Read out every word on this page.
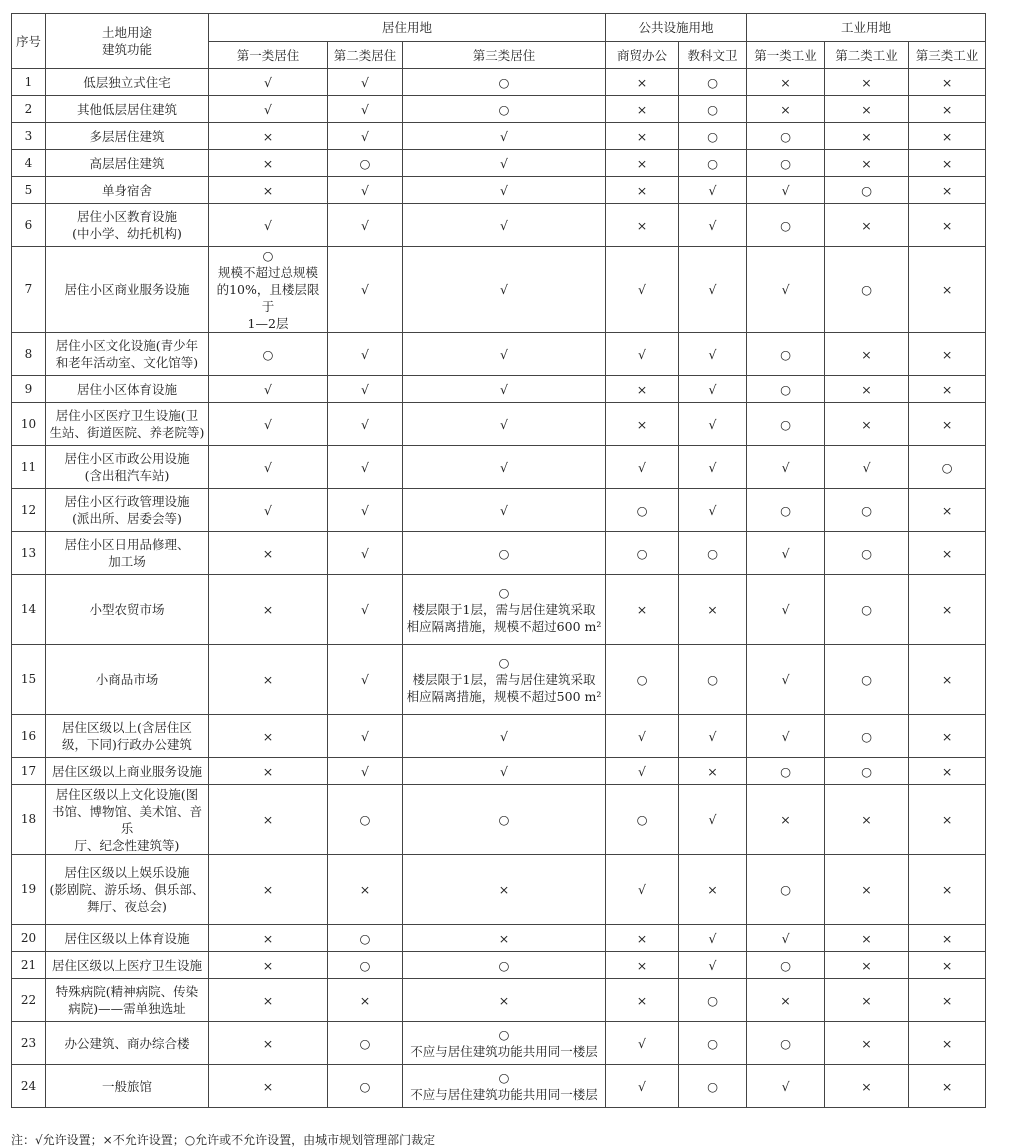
序号	土地用途
建筑功能	居住用地			公共设施用地		工业用地		
		第一类居住	第二类居住	第三类居住	商贸办公	教科文卫	第一类工业	第二类工业	第三类工业
1	低层独立式住宅	√	√	○	×	○	×	×	×

2	其他低层居住建筑	√	√	○	×	○	×	×	×

3	多层居住建筑	×	√	√	×	○	○	×	×

4	高层居住建筑	×	○	√	×	○	○	×	×

5	单身宿舍	×	√	√	×	√	√	○	×

6	居住小区教育设施
(中小学、幼托机构)	√	√	√	×	√	○	×	×

7	居住小区商业服务设施	○
规模不超过总规模
的10%，且楼层限于
1—2层	√	√	√	√	√	○	×

8	居住小区文化设施(青少年
和老年活动室、文化馆等)	○	√	√	√	√	○	×	×

9	居住小区体育设施	√	√	√	×	√	○	×	×

10	居住小区医疗卫生设施(卫
生站、街道医院、养老院等)	√	√	√	×	√	○	×	×

11	居住小区市政公用设施
(含出租汽车站)	√	√	√	√	√	√	√	○

12	居住小区行政管理设施
(派出所、居委会等)	√	√	√	○	√	○	○	×

13	居住小区日用品修理、
加工场	×	√	○	○	○	√	○	×

14	小型农贸市场	×	√	○
楼层限于1层，需与居住建筑采取
相应隔离措施，规模不超过600 m²	×	×	√	○	×

15	小商品市场	×	√	○
楼层限于1层，需与居住建筑采取
相应隔离措施，规模不超过500 m²	○	○	√	○	×

16	居住区级以上(含居住区
级，下同)行政办公建筑	×	√	√	√	√	√	○	×

17	居住区级以上商业服务设施	×	√	√	√	×	○	○	×

18	居住区级以上文化设施(图
书馆、博物馆、美术馆、音乐
厅、纪念性建筑等)	×	○	○	○	√	×	×	×

19	居住区级以上娱乐设施
(影剧院、游乐场、俱乐部、
舞厅、夜总会)	×	×	×	√	×	○	×	×

20	居住区级以上体育设施	×	○	×	×	√	√	×	×

21	居住区级以上医疗卫生设施	×	○	○	×	√	○	×	×

22	特殊病院(精神病院、传染
病院)——需单独选址	×	×	×	×	○	×	×	×

23	办公建筑、商办综合楼	×	○	○
不应与居住建筑功能共用同一楼层	√	○	○	×	×

24	一般旅馆	×	○	○
不应与居住建筑功能共用同一楼层	√	○	√	×	×
注：√允许设置；×不允许设置；○允许或不允许设置，由城市规划管理部门裁定
